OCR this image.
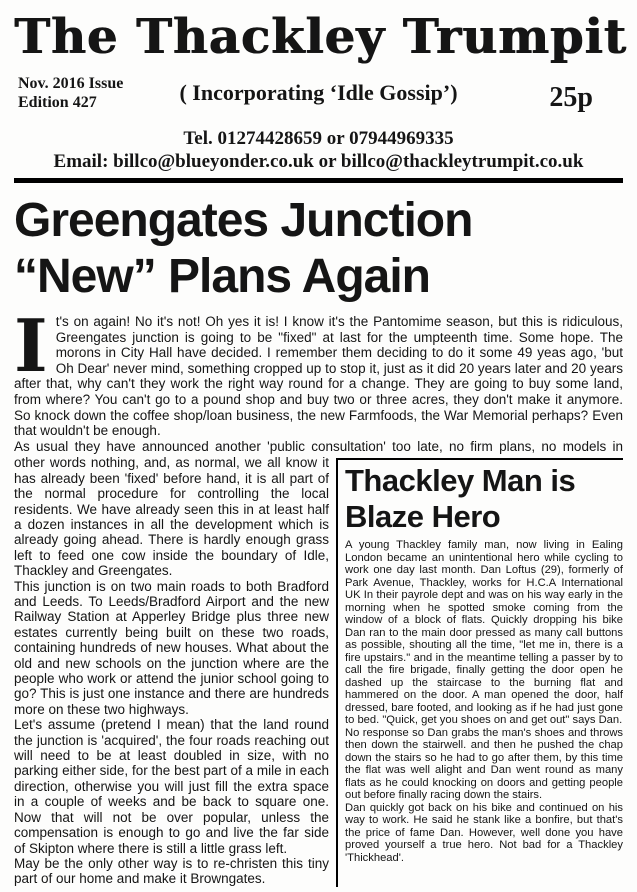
The Thackley Trumpit
Nov. 2016 Issue
Edition 427	( Incorporating ‘Idle Gossip’)	25p
Tel. 01274428659 or 07944969335
Email: billco@blueyonder.co.uk or billco@thackleytrumpit.co.uk
Greengates Junction
“New” Plans Again

It's on again! No it's not! Oh yes it is! I know it's the Pantomime season, but this is ridiculous, Greengates junction is going to be "fixed" at last for the umpteenth time. Some hope. The morons in City Hall have decided. I remember them deciding to do it some 49 yeas ago, 'but Oh Dear' never mind, something cropped up to stop it, just as it did 20 years later and 20 years after that, why can't they work the right way round for a change. They are going to buy some land, from where? You can't go to a pound shop and buy two or three acres, they don't make it anymore. So knock down the coffee shop/loan business, the new Farmfoods, the War Memorial perhaps? Even that wouldn't be enough.

As usual they have announced another 'public consultation' too late, no firm plans, no models in

other words nothing, and, as normal, we all know it has already been 'fixed' before hand, it is all part of the normal procedure for controlling the local residents. We have already seen this in at least half a dozen instances in all the development which is already going ahead. There is hardly enough grass left to feed one cow inside the boundary of Idle, Thackley and Greengates.

This junction is on two main roads to both Bradford and Leeds. To Leeds/Bradford Airport and the new Railway Station at Apperley Bridge plus three new estates currently being built on these two roads, containing hundreds of new houses. What about the old and new schools on the junction where are the people who work or attend the junior school going to go? This is just one instance and there are hundreds more on these two highways.

Let's assume (pretend I mean) that the land round the junction is 'acquired', the four roads reaching out will need to be at least doubled in size, with no parking either side, for the best part of a mile in each direction, otherwise you will just fill the extra space in a couple of weeks and be back to square one. Now that will not be over popular, unless the compensation is enough to go and live the far side of Skipton where there is still a little grass left.

May be the only other way is to re-christen this tiny part of our home and make it Browngates.

Thackley Man is
Blaze Hero

A young Thackley family man, now living in Ealing London became an unintentional hero while cycling to work one day last month. Dan Loftus (29), formerly of Park Avenue, Thackley, works for H.C.A International UK In their payrole dept and was on his way early in the morning when he spotted smoke coming from the window of a block of flats. Quickly dropping his bike Dan ran to the main door pressed as many call buttons as possible, shouting all the time, "let me in, there is a fire upstairs." and in the meantime telling a passer by to call the fire brigade, finally getting the door open he dashed up the staircase to the burning flat and hammered on the door. A man opened the door, half dressed, bare footed, and looking as if he had just gone to bed. "Quick, get you shoes on and get out" says Dan.

No response so Dan grabs the man's shoes and throws then down the stairwell. and then he pushed the chap down the stairs so he had to go after them, by this time the flat was well alight and Dan went round as many flats as he could knocking on doors and getting people out before finally racing down the stairs.

Dan quickly got back on his bike and continued on his way to work. He said he stank like a bonfire, but that's the price of fame Dan. However, well done you have proved yourself a true hero. Not bad for a Thackley 'Thickhead'.
